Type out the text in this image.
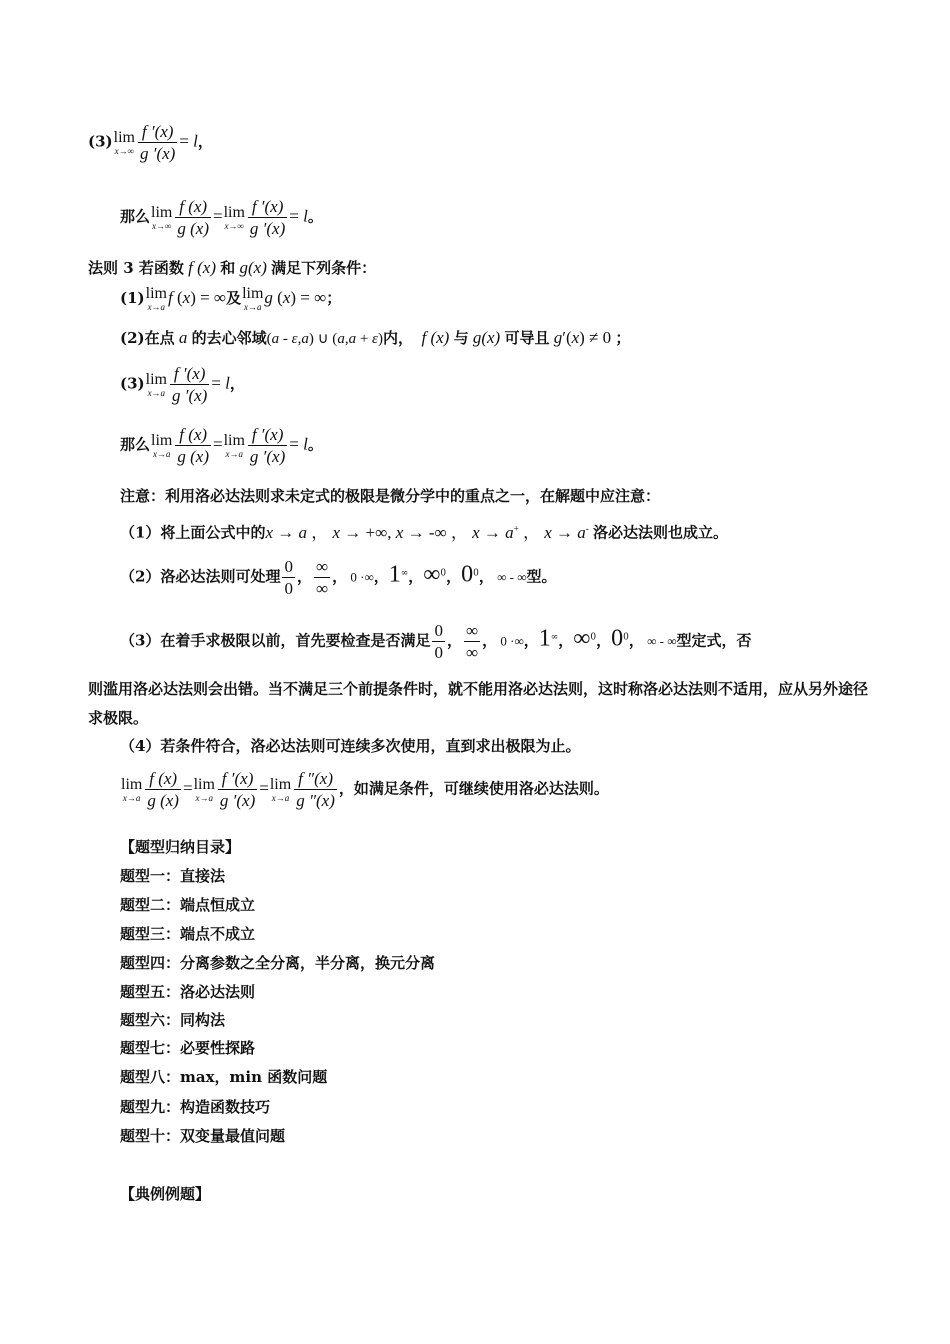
(3) lim
$x\to\infty \frac{f '(x)}{g '(x)} = l$，
那么 lim
$x\to\infty \frac{f (x)}{g (x)} = \lim$
$x\to\infty \frac{f '(x)}{g '(x)} = l$。
法则 3 若函数 f (x) 和 g(x) 满足下列条件：
(1) lim
x→a f (x) = ∞及 lim
x→a g (x) = ∞；
(2)在点 a 的去心邻域(a - ε,a) ∪ (a,a + ε)内，  f (x) 与 g(x) 可导且 g′(x) ≠ 0 ；
(3) lim
$x\to a \frac{f '(x)}{g '(x)} = l$，
那么 lim
$x\to a \frac{f (x)}{g (x)} = \lim$
$x\to a \frac{f '(x)}{g '(x)} = l$。
注意：利用洛必达法则求未定式的极限是微分学中的重点之一，在解题中应注意：
（1）将上面公式中的x → a ， x → +∞, x → -∞ ， x → a+ ， x → a- 洛必达法则也成立。
（2）洛必达法则可处理 $\frac{0}{0}$ ，
∞
∞
， 0 ·∞，1∞，∞$^0$，$0^0$， ∞ - ∞型。
（3）在着手求极限以前，首先要检查是否满足 $\frac{0}{0}$ ，
∞
∞
， 0 ·∞，1∞，∞$^0$，$0^0$， ∞ - ∞型定式，否
则滥用洛必达法则会出错。当不满足三个前提条件时，就不能用洛必达法则，这时称洛必达法则不适用，应从另外途径求极限。
（4）若条件符合，洛必达法则可连续多次使用，直到求出极限为止。
lim
$x\to a \frac{f (x)}{g (x)} = \lim$
$x\to a \frac{f '(x)}{g '(x)} = \lim$
$x\to a \frac{f ''(x)}{g ''(x)}$ ，如满足条件，可继续使用洛必达法则。
【题型归纳目录】
题型一：直接法
题型二：端点恒成立
题型三：端点不成立
题型四：分离参数之全分离，半分离，换元分离
题型五：洛必达法则
题型六：同构法
题型七：必要性探路
题型八：max，min 函数问题
题型九：构造函数技巧
题型十：双变量最值问题
【典例例题】
